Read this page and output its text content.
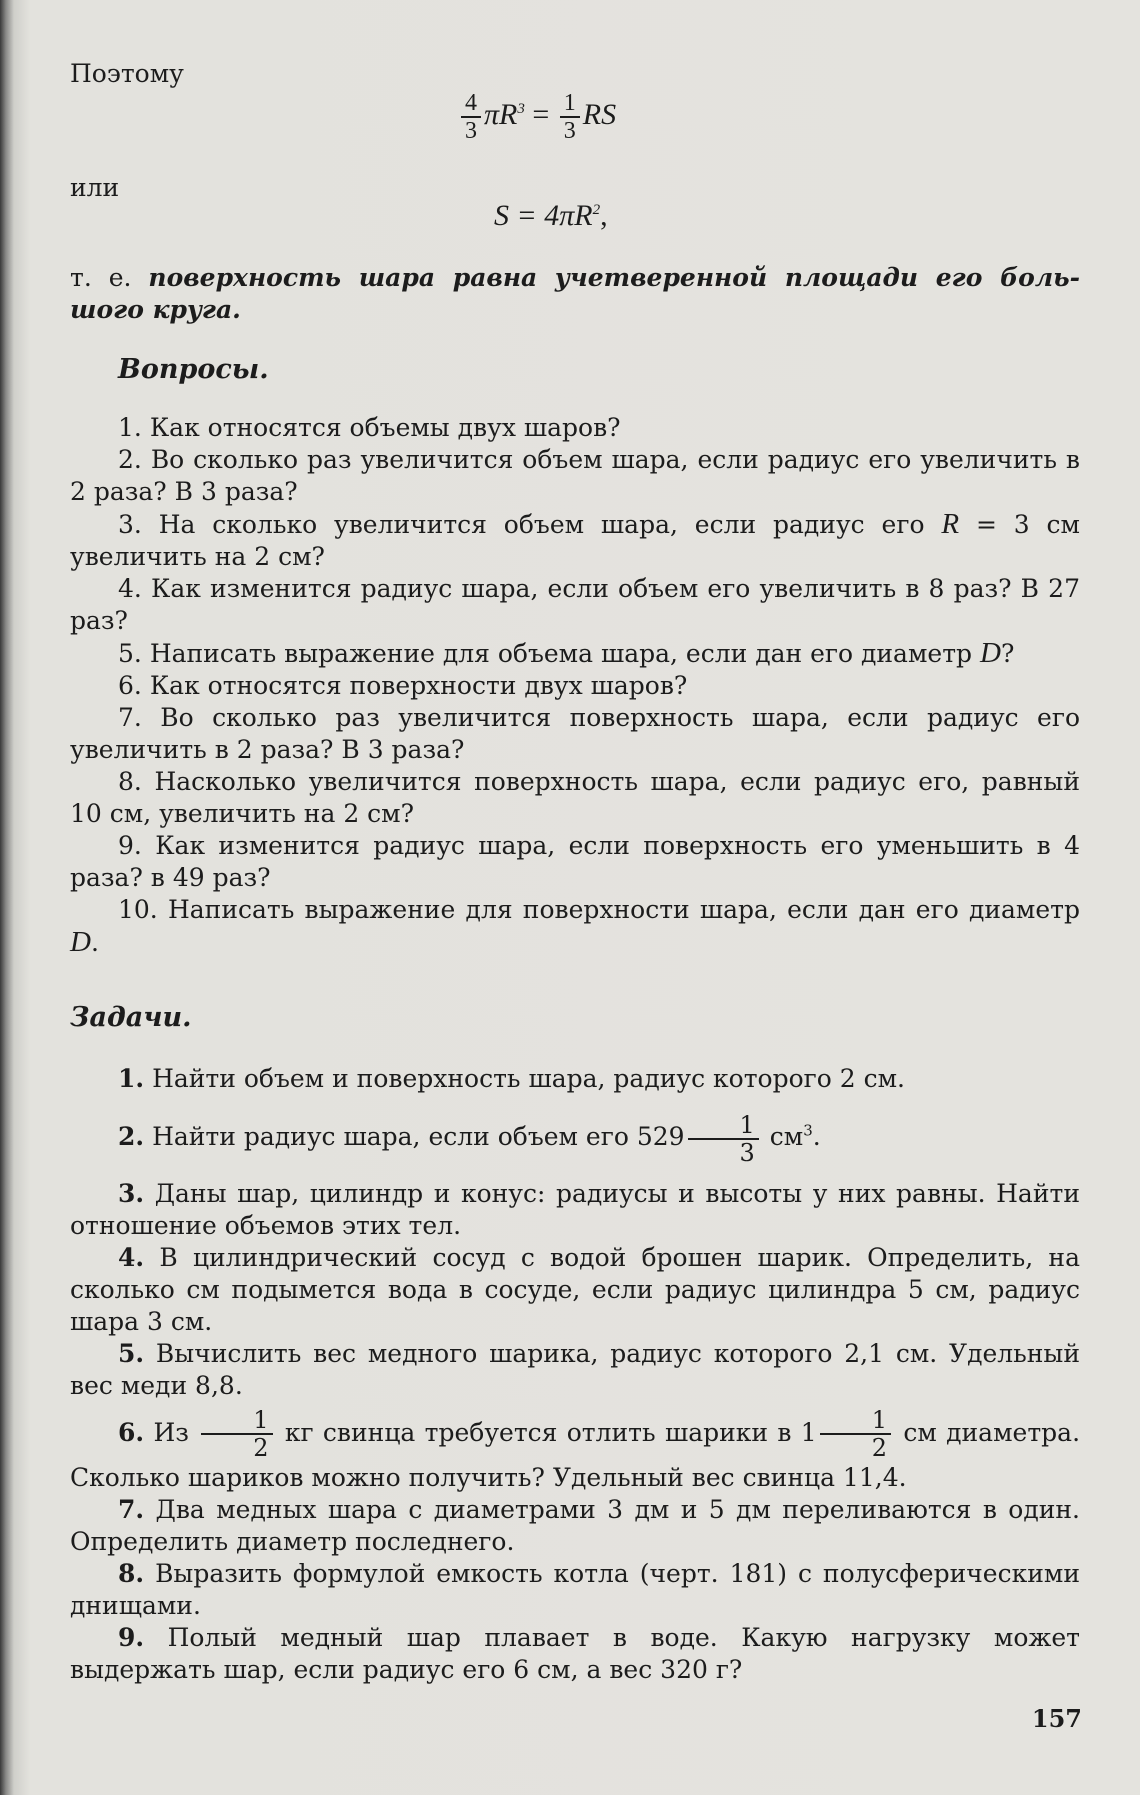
Поэтому
$\frac{4}{3} \pi R^3 = \frac{1}{3}$ RS
или
$S = 4\pi R^2$,

т. е. поверхность шара равна учетверенной площади его боль-

шого круга.

Вопросы.

1. Как относятся объемы двух шаров?

2. Во сколько раз увеличится объем шара, если радиус его увеличить в 2 раза? В 3 раза?

3. На сколько увеличится объем шара, если радиус его R = 3 см

увеличить на 2 см?

4. Как изменится радиус шара, если объем его увеличить в 8 раз? В 27 раз?

5. Написать выражение для объема шара, если дан его диаметр D?

6. Как относятся поверхности двух шаров?

7. Во сколько раз увеличится поверхность шара, если радиус его увеличить в 2 раза? В 3 раза?

8. Насколько увеличится поверхность шара, если радиус его, равный 10 см, увеличить на 2 см?

9. Как изменится радиус шара, если поверхность его уменьшить в 4 раза? в 49 раз?

10. Написать выражение для поверхности шара, если дан его диаметр D.

Задачи.

1. Найти объем и поверхность шара, радиус которого 2 см.

2. Найти радиус шара, если объем его $529 \frac{1}{3} см^3$.

3. Даны шар, цилиндр и конус: радиусы и высоты у них равны. Найти отношение объемов этих тел.

4. В цилиндрический сосуд с водой брошен шарик. Определить, на сколько см подымется вода в сосуде, если радиус цилиндра 5 см, радиус шара 3 см.

5. Вычислить вес медного шарика, радиус которого 2,1 см. Удельный вес меди 8,8.

6. Из $\frac{1}{2}$ кг свинца требуется отлить шарики в $1 \frac{1}{2}$ см диаметра.

Сколько шариков можно получить? Удельный вес свинца 11,4.

7. Два медных шара с диаметрами 3 дм и 5 дм переливаются в один. Определить диаметр последнего.

8. Выразить формулой емкость котла (черт. 181) с полусферическими днищами.

9. Полый медный шар плавает в воде. Какую нагрузку может выдержать шар, если радиус его 6 см, а вес 320 г?

157
